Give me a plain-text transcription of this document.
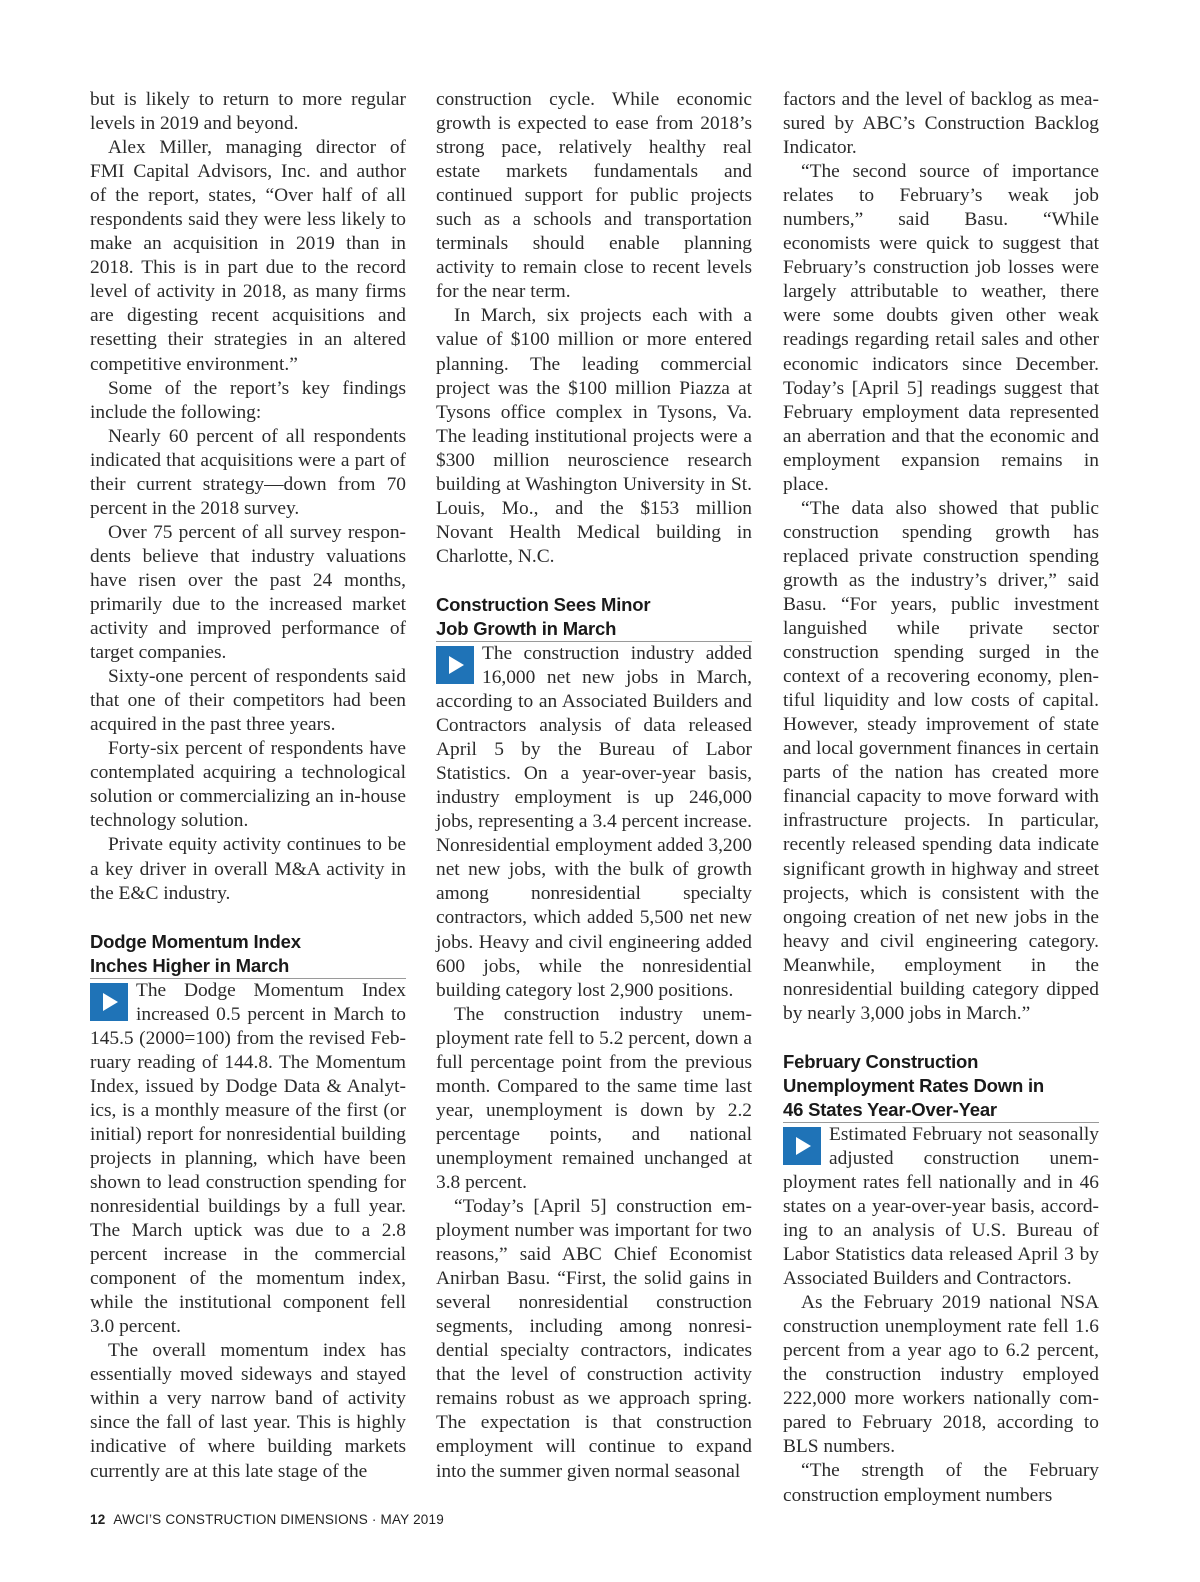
but is likely to return to more regular levels in 2019 and beyond.

Alex Miller, managing director of FMI Capital Advisors, Inc. and author of the report, states, “Over half of all respondents said they were less likely to make an acquisition in 2019 than in 2018. This is in part due to the record level of activity in 2018, as many firms are digesting recent acquisitions and resetting their strategies in an altered competitive environment.”

Some of the report’s key findings include the following:

Nearly 60 percent of all respondents indicated that acquisitions were a part of their current strategy—down from 70 percent in the 2018 survey.

Over 75 percent of all survey respondents believe that industry valuations have risen over the past 24 months, primarily due to the increased market activity and improved performance of target companies.

Sixty-one percent of respondents said that one of their competitors had been acquired in the past three years.

Forty-six percent of respondents have contemplated acquiring a technological solution or commercializing an in-house technology solution.

Private equity activity continues to be a key driver in overall M&A activity in the E&C industry.

Dodge Momentum Index
Inches Higher in March

The Dodge Momentum Index increased 0.5 percent in March to 145.5 (2000=100) from the revised February reading of 144.8. The Momentum Index, issued by Dodge Data & Analytics, is a monthly measure of the first (or initial) report for nonresidential building projects in planning, which have been shown to lead construction spending for nonresidential buildings by a full year. The March uptick was due to a 2.8 percent increase in the commercial component of the momentum index, while the institutional component fell 3.0 percent.

The overall momentum index has essentially moved sideways and stayed within a very narrow band of activity since the fall of last year. This is highly indicative of where building markets currently are at this late stage of the

construction cycle. While economic growth is expected to ease from 2018’s strong pace, relatively healthy real estate markets fundamentals and continued support for public projects such as a schools and transportation terminals should enable planning activity to remain close to recent levels for the near term.

In March, six projects each with a value of $100 million or more entered planning. The leading commercial project was the $100 million Piazza at Tysons office complex in Tysons, Va. The leading institutional projects were a $300 million neuroscience research building at Washington University in St. Louis, Mo., and the $153 million Novant Health Medical building in Charlotte, N.C.

Construction Sees Minor
Job Growth in March

The construction industry added 16,000 net new jobs in March, according to an Associated Builders and Contractors analysis of data released April 5 by the Bureau of Labor Statistics. On a year-over-year basis, industry employment is up 246,000 jobs, representing a 3.4 percent increase. Nonresidential employment added 3,200 net new jobs, with the bulk of growth among nonresidential specialty contractors, which added 5,500 net new jobs. Heavy and civil engineering added 600 jobs, while the nonresidential building category lost 2,900 positions.

The construction industry unemployment rate fell to 5.2 percent, down a full percentage point from the previous month. Compared to the same time last year, unemployment is down by 2.2 percentage points, and national unemployment remained unchanged at 3.8 percent.

“Today’s [April 5] construction employment number was important for two reasons,” said ABC Chief Economist Anirban Basu. “First, the solid gains in several nonresidential construction segments, including among nonresidential specialty contractors, indicates that the level of construction activity remains robust as we approach spring. The expectation is that construction employment will continue to expand into the summer given normal seasonal

factors and the level of backlog as measured by ABC’s Construction Backlog Indicator.

“The second source of importance relates to February’s weak job numbers,” said Basu. “While economists were quick to suggest that February’s construction job losses were largely attributable to weather, there were some doubts given other weak readings regarding retail sales and other economic indicators since December. Today’s [April 5] readings suggest that February employment data represented an aberration and that the economic and employment expansion remains in place.

“The data also showed that public construction spending growth has replaced private construction spending growth as the industry’s driver,” said Basu. “For years, public investment languished while private sector construction spending surged in the context of a recovering economy, plentiful liquidity and low costs of capital. However, steady improvement of state and local government finances in certain parts of the nation has created more financial capacity to move forward with infrastructure projects. In particular, recently released spending data indicate significant growth in highway and street projects, which is consistent with the ongoing creation of net new jobs in the heavy and civil engineering category. Meanwhile, employment in the nonresidential building category dipped by nearly 3,000 jobs in March.”

February Construction
Unemployment Rates Down in
46 States Year-Over-Year

Estimated February not seasonally adjusted construction unemployment rates fell nationally and in 46 states on a year-over-year basis, according to an analysis of U.S. Bureau of Labor Statistics data released April 3 by Associated Builders and Contractors.

As the February 2019 national NSA construction unemployment rate fell 1.6 percent from a year ago to 6.2 percent, the construction industry employed 222,000 more workers nationally compared to February 2018, according to BLS numbers.

“The strength of the February construction employment numbers

12 AWCI’S CONSTRUCTION DIMENSIONS · MAY 2019
